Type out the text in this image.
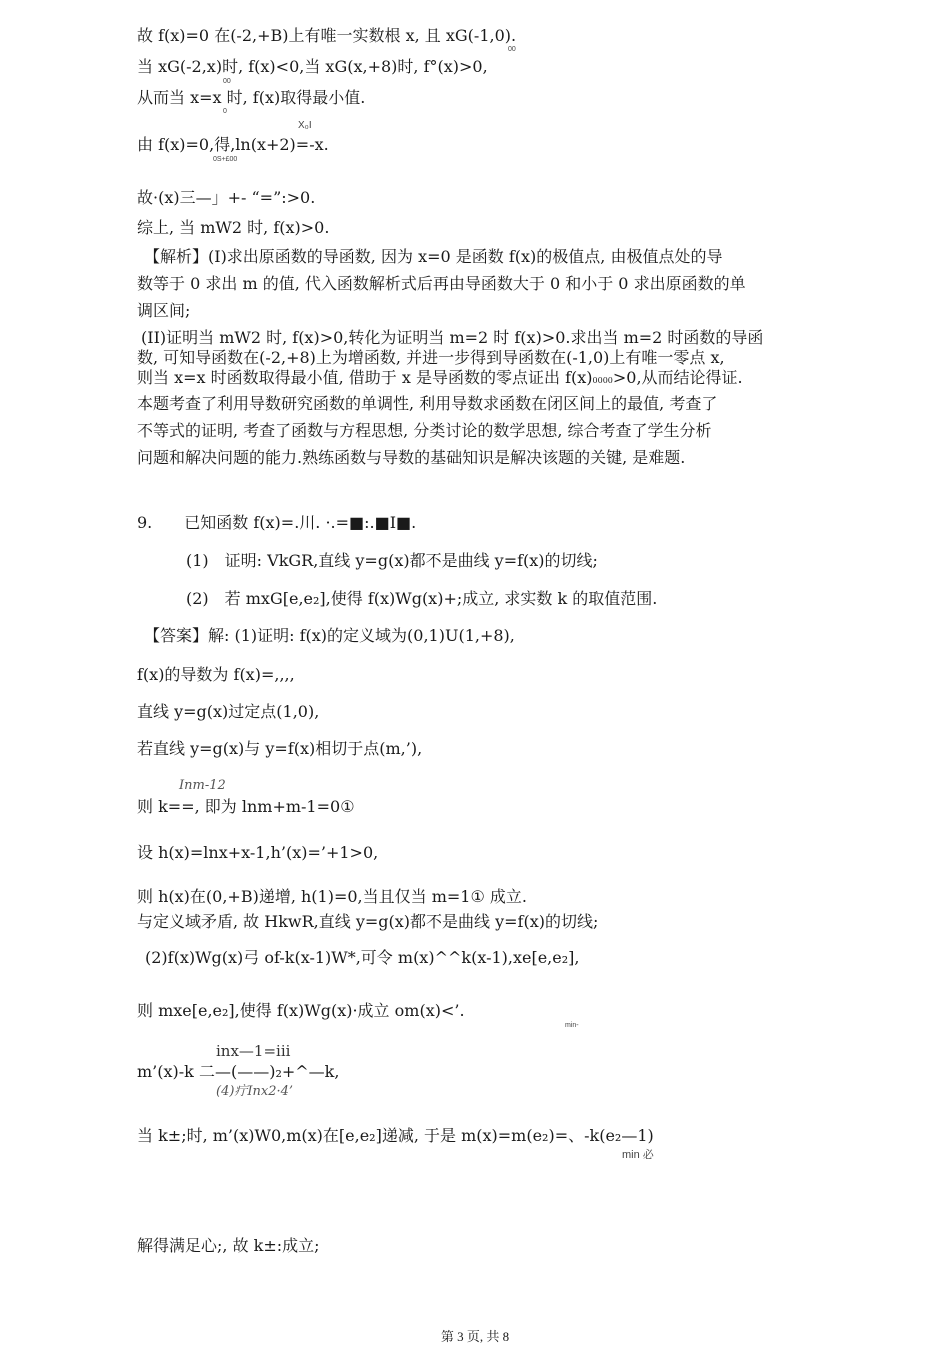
故 f(x)=0 在(-2,+B)上有唯一实数根 x, 且 xG(-1,0).
00
当 xG(-2,x)时, f(x)<0,当 xG(x,+8)时, f°(x)>0,
00
从而当 x=x 时, f(x)取得最小值.
0
X₀I
由 f(x)=0,得,ln(x+2)=-x.
0S+£00
故·(x)三—」+- “=”:>0.
综上, 当 mW2 时, f(x)>0.
【解析】(I)求出原函数的导函数, 因为 x=0 是函数 f(x)的极值点, 由极值点处的导
数等于 0 求出 m 的值, 代入函数解析式后再由导函数大于 0 和小于 0 求出原函数的单
调区间;
(II)证明当 mW2 时, f(x)>0,转化为证明当 m=2 时 f(x)>0.求出当 m=2 时函数的导函
数, 可知导函数在(-2,+8)上为增函数, 并进一步得到导函数在(-1,0)上有唯一零点 x,
则当 x=x 时函数取得最小值, 借助于 x 是导函数的零点证出 f(x)0000>0,从而结论得证.
本题考查了利用导数研究函数的单调性, 利用导数求函数在闭区间上的最值, 考查了
不等式的证明, 考查了函数与方程思想, 分类讨论的数学思想, 综合考查了学生分析
问题和解决问题的能力.熟练函数与导数的基础知识是解决该题的关键, 是难题.
9.　　已知函数 f(x)=.川. ·.=■:.■I■.
(1)　证明: VkGR,直线 y=g(x)都不是曲线 y=f(x)的切线;
(2)　若 mxG[e,e₂],使得 f(x)Wg(x)+;成立, 求实数 k 的取值范围.
【答案】解: (1)证明: f(x)的定义域为(0,1)U(1,+8),
f(x)的导数为 f(x)=,,,,
直线 y=g(x)过定点(1,0),
若直线 y=g(x)与 y=f(x)相切于点(m,’),
Inm-12
则 k==, 即为 lnm+m-1=0①
设 h(x)=lnx+x-1,h’(x)=’+1>0,
则 h(x)在(0,+B)递增, h(1)=0,当且仅当 m=1① 成立.
与定义域矛盾, 故 HkwR,直线 y=g(x)都不是曲线 y=f(x)的切线;
(2)f(x)Wg(x)弓 of-k(x-1)W*,可令 m(x)^^k(x-1),xe[e,e₂],
则 mxe[e,e₂],使得 f(x)Wg(x)·成立 om(x)<’.
min-
inx—1=iii
m’(x)-k 二—(——)₂+^—k,
(4)疔Inx2·4’
当 k±;时, m’(x)W0,m(x)在[e,e₂]递减, 于是 m(x)=m(e₂)=、-k(e₂—1)
min 必
解得满足心;, 故 k±:成立;
第 3 页, 共 8
